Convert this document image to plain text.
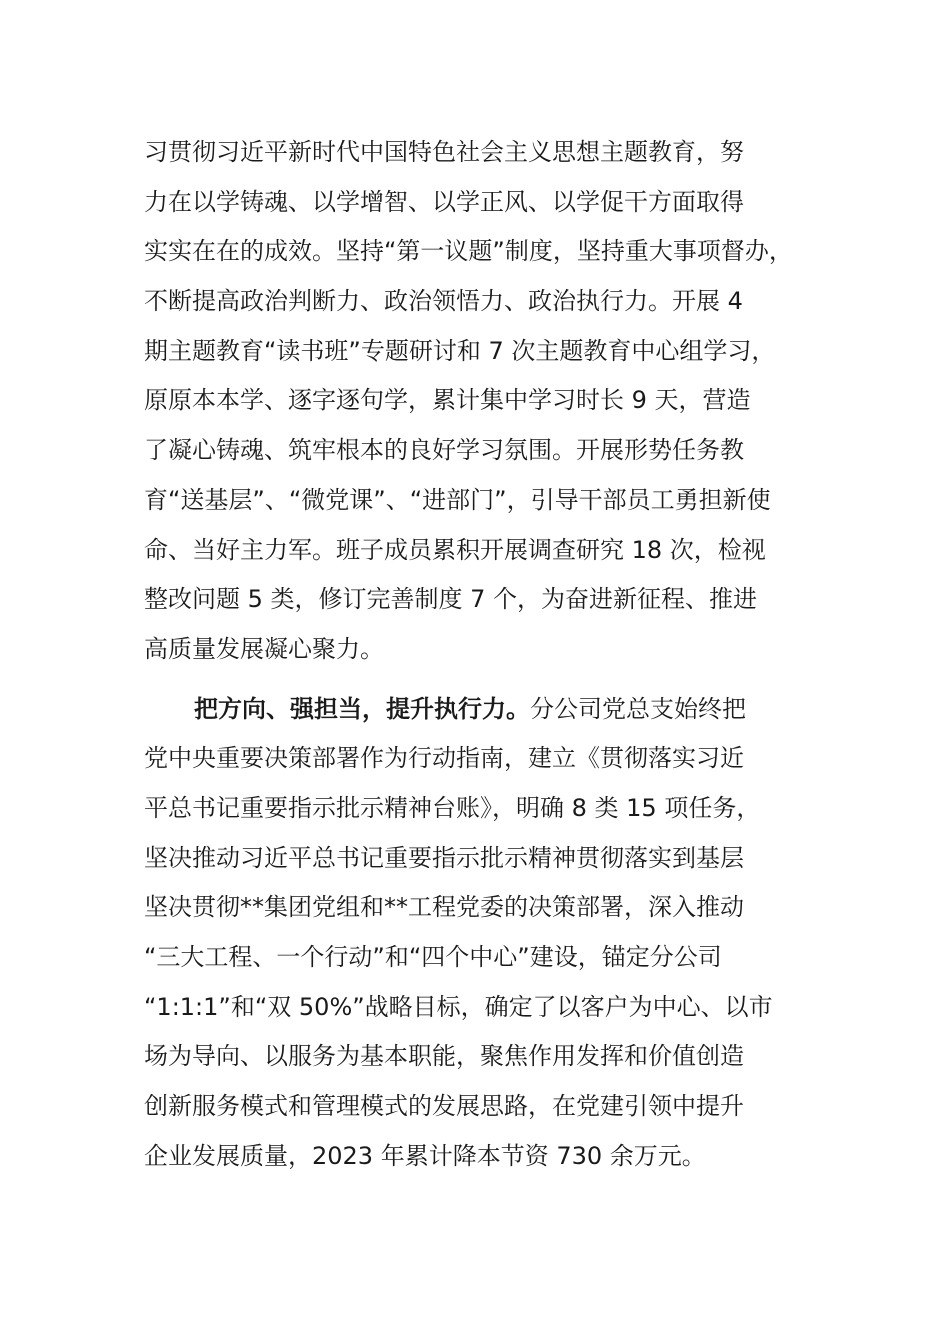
习贯彻习近平新时代中国特色社会主义思想主题教育，努
力在以学铸魂、以学增智、以学正风、以学促干方面取得
实实在在的成效。坚持“第一议题”制度，坚持重大事项督办，
不断提高政治判断力、政治领悟力、政治执行力。开展 4
期主题教育“读书班”专题研讨和 7 次主题教育中心组学习，
原原本本学、逐字逐句学，累计集中学习时长 9 天，营造
了凝心铸魂、筑牢根本的良好学习氛围。开展形势任务教
育“送基层”、“微党课”、“进部门”，引导干部员工勇担新使
命、当好主力军。班子成员累积开展调查研究 18 次，检视
整改问题 5 类，修订完善制度 7 个，为奋进新征程、推进
高质量发展凝心聚力。
把方向、强担当，提升执行力。分公司党总支始终把
党中央重要决策部署作为行动指南，建立《贯彻落实习近
平总书记重要指示批示精神台账》，明确 8 类 15 项任务，
坚决推动习近平总书记重要指示批示精神贯彻落实到基层
坚决贯彻**集团党组和**工程党委的决策部署，深入推动
“三大工程、一个行动”和“四个中心”建设，锚定分公司
“1:1:1”和“双 50%”战略目标，确定了以客户为中心、以市
场为导向、以服务为基本职能，聚焦作用发挥和价值创造
创新服务模式和管理模式的发展思路，在党建引领中提升
企业发展质量，2023 年累计降本节资 730 余万元。
